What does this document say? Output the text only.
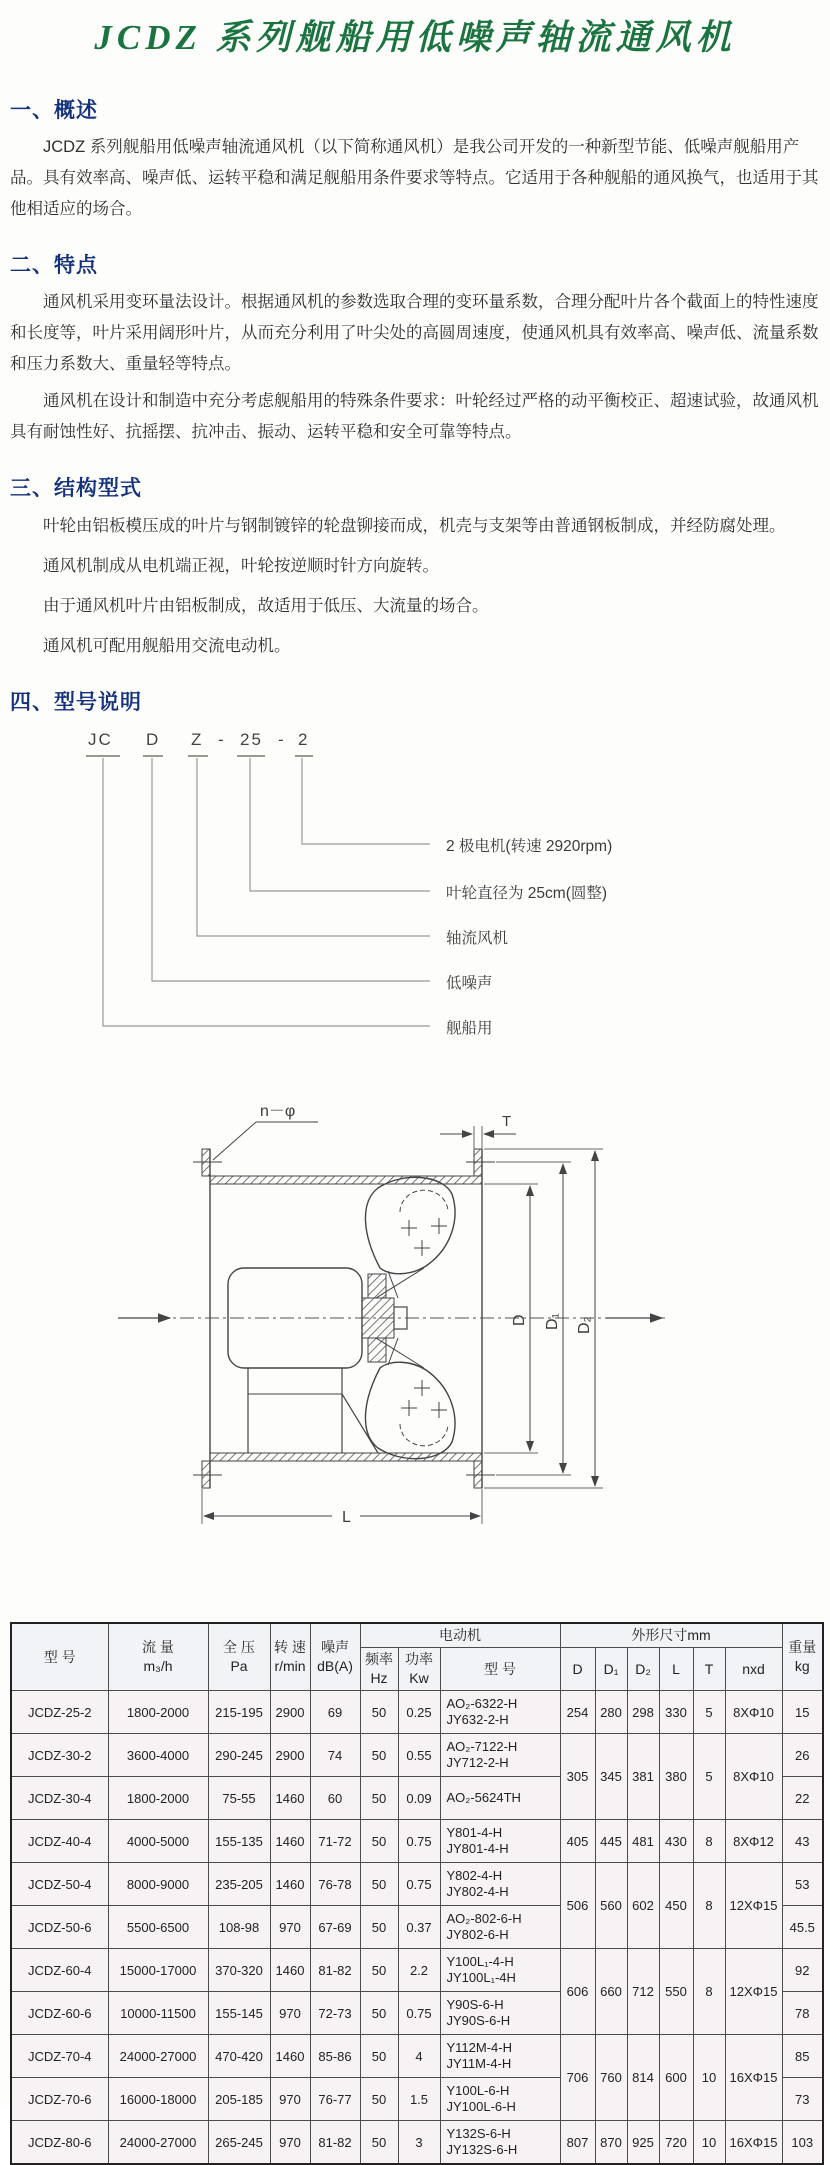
JCDZ 系列舰船用低噪声轴流通风机
一、概述

JCDZ 系列舰船用低噪声轴流通风机（以下简称通风机）是我公司开发的一种新型节能、低噪声舰船用产品。具有效率高、噪声低、运转平稳和满足舰船用条件要求等特点。它适用于各种舰船的通风换气，也适用于其他相适应的场合。

二、特点

通风机采用变环量法设计。根据通风机的参数选取合理的变环量系数，合理分配叶片各个截面上的特性速度和长度等，叶片采用阔形叶片，从而充分利用了叶尖处的高圆周速度，使通风机具有效率高、噪声低、流量系数和压力系数大、重量轻等特点。

通风机在设计和制造中充分考虑舰船用的特殊条件要求：叶轮经过严格的动平衡校正、超速试验，故通风机具有耐蚀性好、抗摇摆、抗冲击、振动、运转平稳和安全可靠等特点。

三、结构型式

叶轮由铝板模压成的叶片与钢制镀锌的轮盘铆接而成，机壳与支架等由普通钢板制成，并经防腐处理。

通风机制成从电机端正视，叶轮按逆顺时针方向旋转。

由于通风机叶片由铝板制成，故适用于低压、大流量的场合。

通风机可配用舰船用交流电动机。

四、型号说明
JC D Z - 25 - 2
2 极电机(转速 2920rpm)
叶轮直径为 25cm(圆整)
轴流风机
低噪声
舰船用
n－φ
T
D D₁ D₂
L
型 号	流 量
m₃/h	全 压
Pa	转 速
r/min	噪声
dB(A)	电动机			外形尺寸mm						重量
kg
					频率
Hz	功率
Kw	型 号	D	D₁	D₂	L	T	nxd	
JCDZ-25-2	1800-2000	215-195	2900	69	50	0.25	AO₂-6322-H
JY632-2-H	254	280	298	330	5	8XΦ10	15
JCDZ-30-2	3600-4000	290-245	2900	74	50	0.55	AO₂-7122-H
JY712-2-H	305	345	381	380	5	8XΦ10	26
JCDZ-30-4	1800-2000	75-55	1460	60	50	0.09	AO₂-5624TH							22
JCDZ-40-4	4000-5000	155-135	1460	71-72	50	0.75	Y801-4-H
JY801-4-H	405	445	481	430	8	8XΦ12	43
JCDZ-50-4	8000-9000	235-205	1460	76-78	50	0.75	Y802-4-H
JY802-4-H	506	560	602	450	8	12XΦ15	53
JCDZ-50-6	5500-6500	108-98	970	67-69	50	0.37	AO₂-802-6-H
JY802-6-H							45.5
JCDZ-60-4	15000-17000	370-320	1460	81-82	50	2.2	Y100L₁-4-H
JY100L₁-4H	606	660	712	550	8	12XΦ15	92
JCDZ-60-6	10000-11500	155-145	970	72-73	50	0.75	Y90S-6-H
JY90S-6-H							78
JCDZ-70-4	24000-27000	470-420	1460	85-86	50	4	Y112M-4-H
JY11M-4-H	706	760	814	600	10	16XΦ15	85
JCDZ-70-6	16000-18000	205-185	970	76-77	50	1.5	Y100L-6-H
JY100L-6-H							73
JCDZ-80-6	24000-27000	265-245	970	81-82	50	3	Y132S-6-H
JY132S-6-H	807	870	925	720	10	16XΦ15	103
